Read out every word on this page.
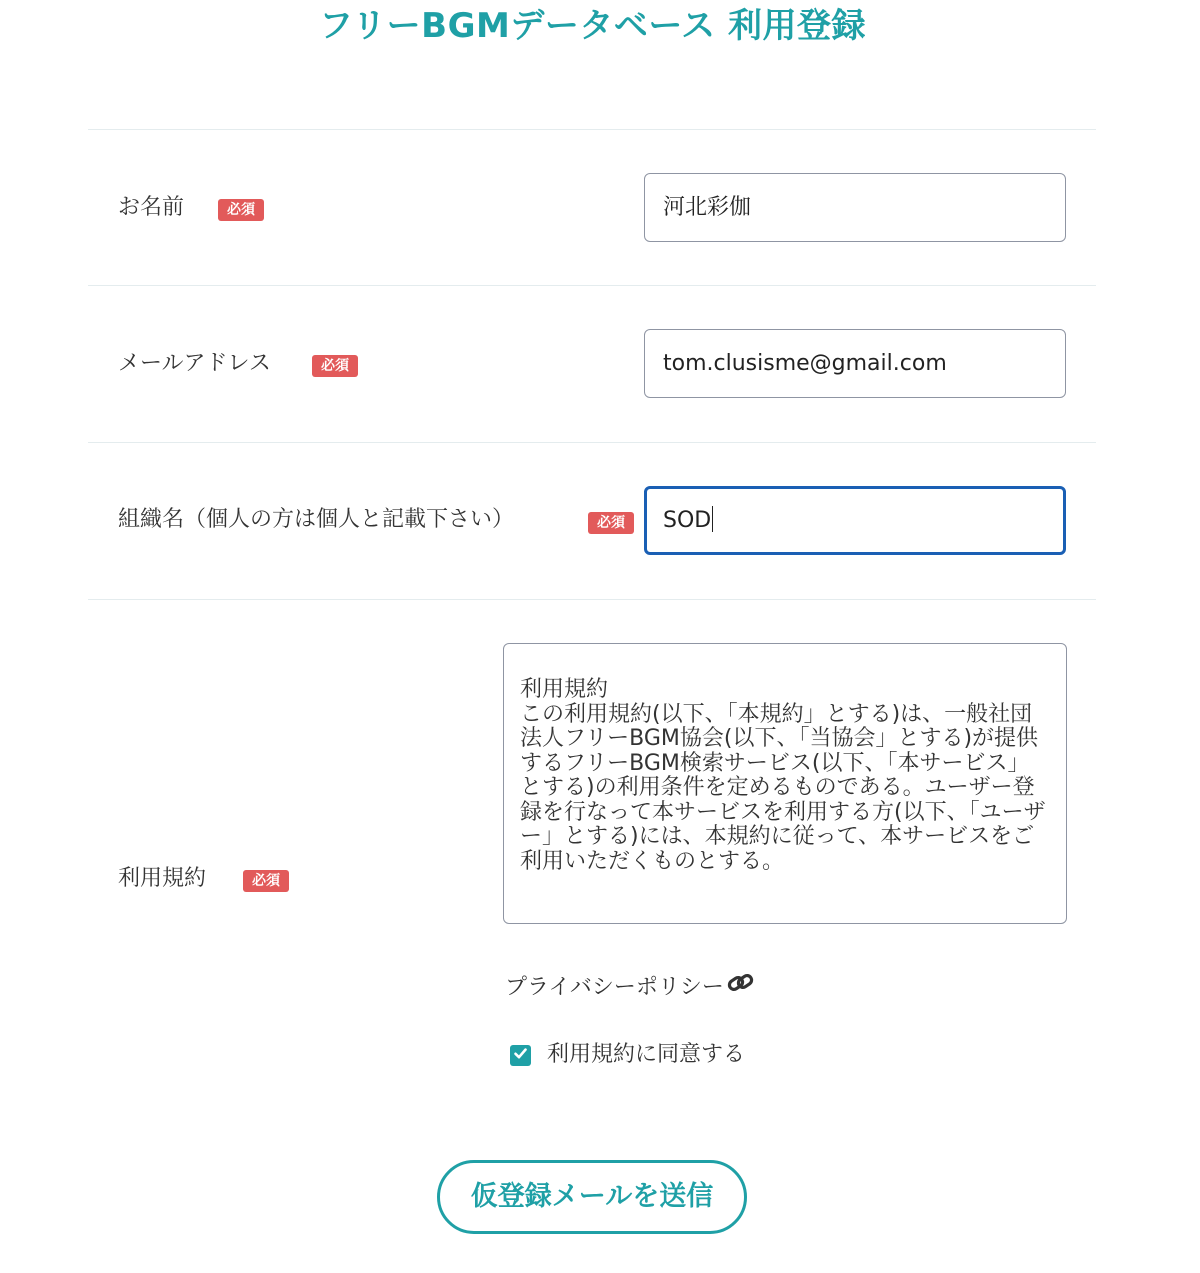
フリーBGMデータベース 利用登録
お名前	必須	河北彩伽
メールアドレス	必須	tom.clusisme@gmail.com
組織名（個人の方は個人と記載下さい）	必須	SOD
利用規約	必須
利用規約
この利用規約(以下、「本規約」とする)は、一般社団法人フリーBGM協会(以下、「当協会」とする)が提供するフリーBGM検索サービス(以下、「本サービス」とする)の利用条件を定めるものである。ユーザー登録を行なって本サービスを利用する方(以下、「ユーザー」とする)には、本規約に従って、本サービスをご利用いただくものとする。
プライバシーポリシー
利用規約に同意する
仮登録メールを送信
